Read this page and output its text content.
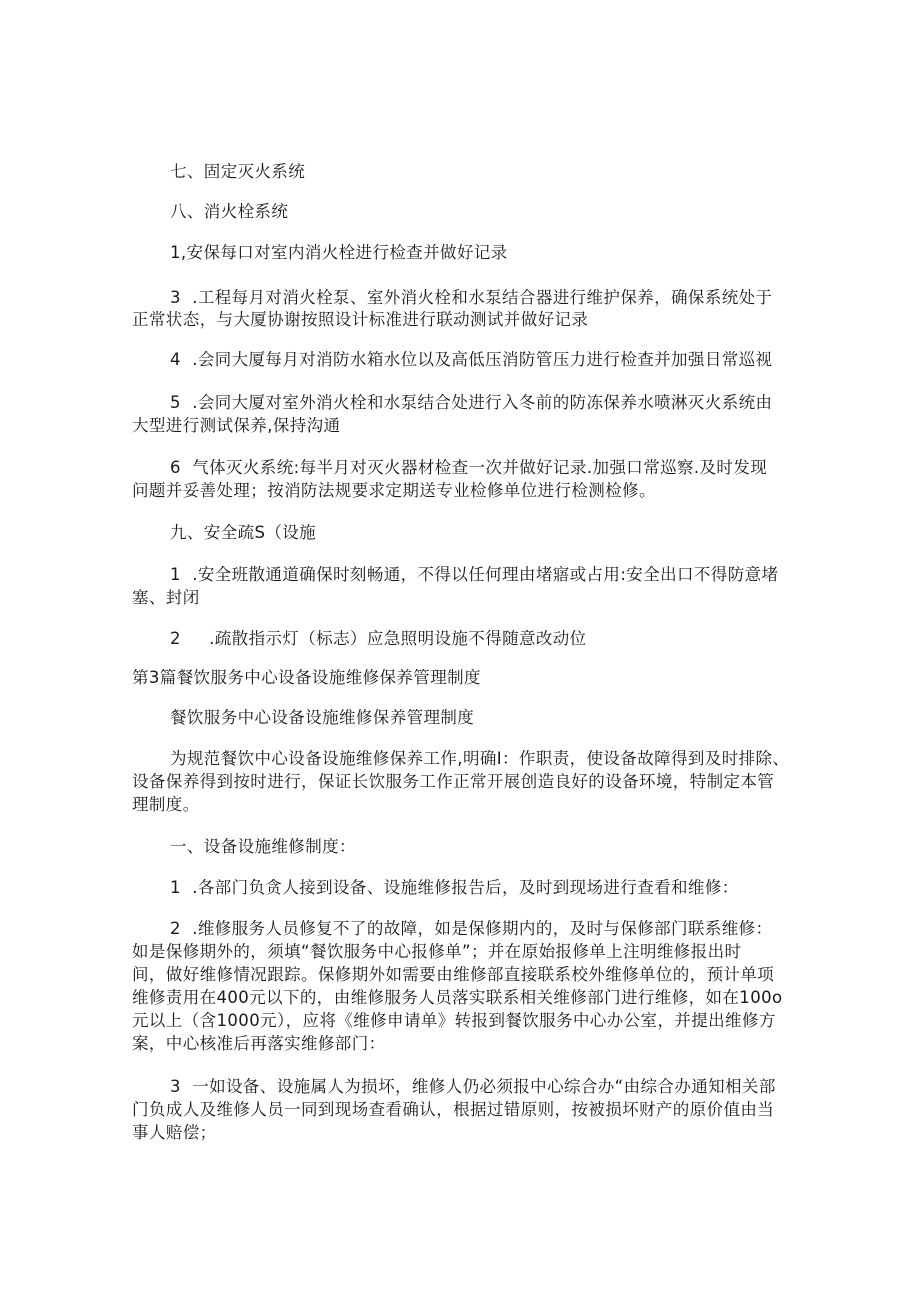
七、固定灭火系统
八、消火栓系统
1,安保每口对室内消火栓进行检查并做好记录
3  .工程每月对消火栓泵、室外消火栓和水泵结合器进行维护保养，确保系统处于
正常状态，与大厦协谢按照设计标准进行联动测试并做好记录
4  .会同大厦每月对消防水箱水位以及高低压消防管压力进行检查并加强日常巡视
5  .会同大厦对室外消火栓和水泵结合处进行入冬前的防冻保养水喷淋灭火系统由
大型进行测试保养,保持沟通
6  气体灭火系统:每半月对灭火器材检查一次并做好记录.加强口常巡察.及时发现
问题并妥善处理；按消防法规要求定期送专业检修单位进行检测检修。
九、安全疏S（设施
1  .安全班散通道确保时刻畅通，不得以任何理由堵寤或占用:安全出口不得防意堵
塞、封闭
2     .疏散指示灯（标志）应急照明设施不得随意改动位
第3篇餐饮服务中心设备设施维修保养管理制度
餐饮服务中心设备设施维修保养管理制度
为规范餐饮中心设备设施维修保养工作,明确I：作职责，使设备故障得到及时排除、
设备保养得到按时进行，保证长饮服务工作正常开展创造良好的设备环境，特制定本管
理制度。
一、设备设施维修制度：
1  .各部门负贪人接到设备、设施维修报告后，及时到现场进行查看和维修：
2  .维修服务人员修复不了的故障，如是保修期内的，及时与保修部门联系维修：
如是保修期外的，须填“餐饮服务中心报修单”；并在原始报修单上注明维修报出时
间，做好维修情况跟踪。保修期外如需要由维修部直接联系校外维修单位的，预计单项
维修责用在400元以下的，由维修服务人员落实联系相关维修部门进行维修，如在100o
元以上（含1000元），应将《维修申请单》转报到餐饮服务中心办公室，并提出维修方
案，中心核准后再落实维修部门：
3  一如设备、设施属人为损坏，维修人仍必须报中心综合办“由综合办通知相关部
门负成人及维修人员一同到现场查看确认，根据过错原则，按被损坏财产的原价值由当
事人赔偿；
